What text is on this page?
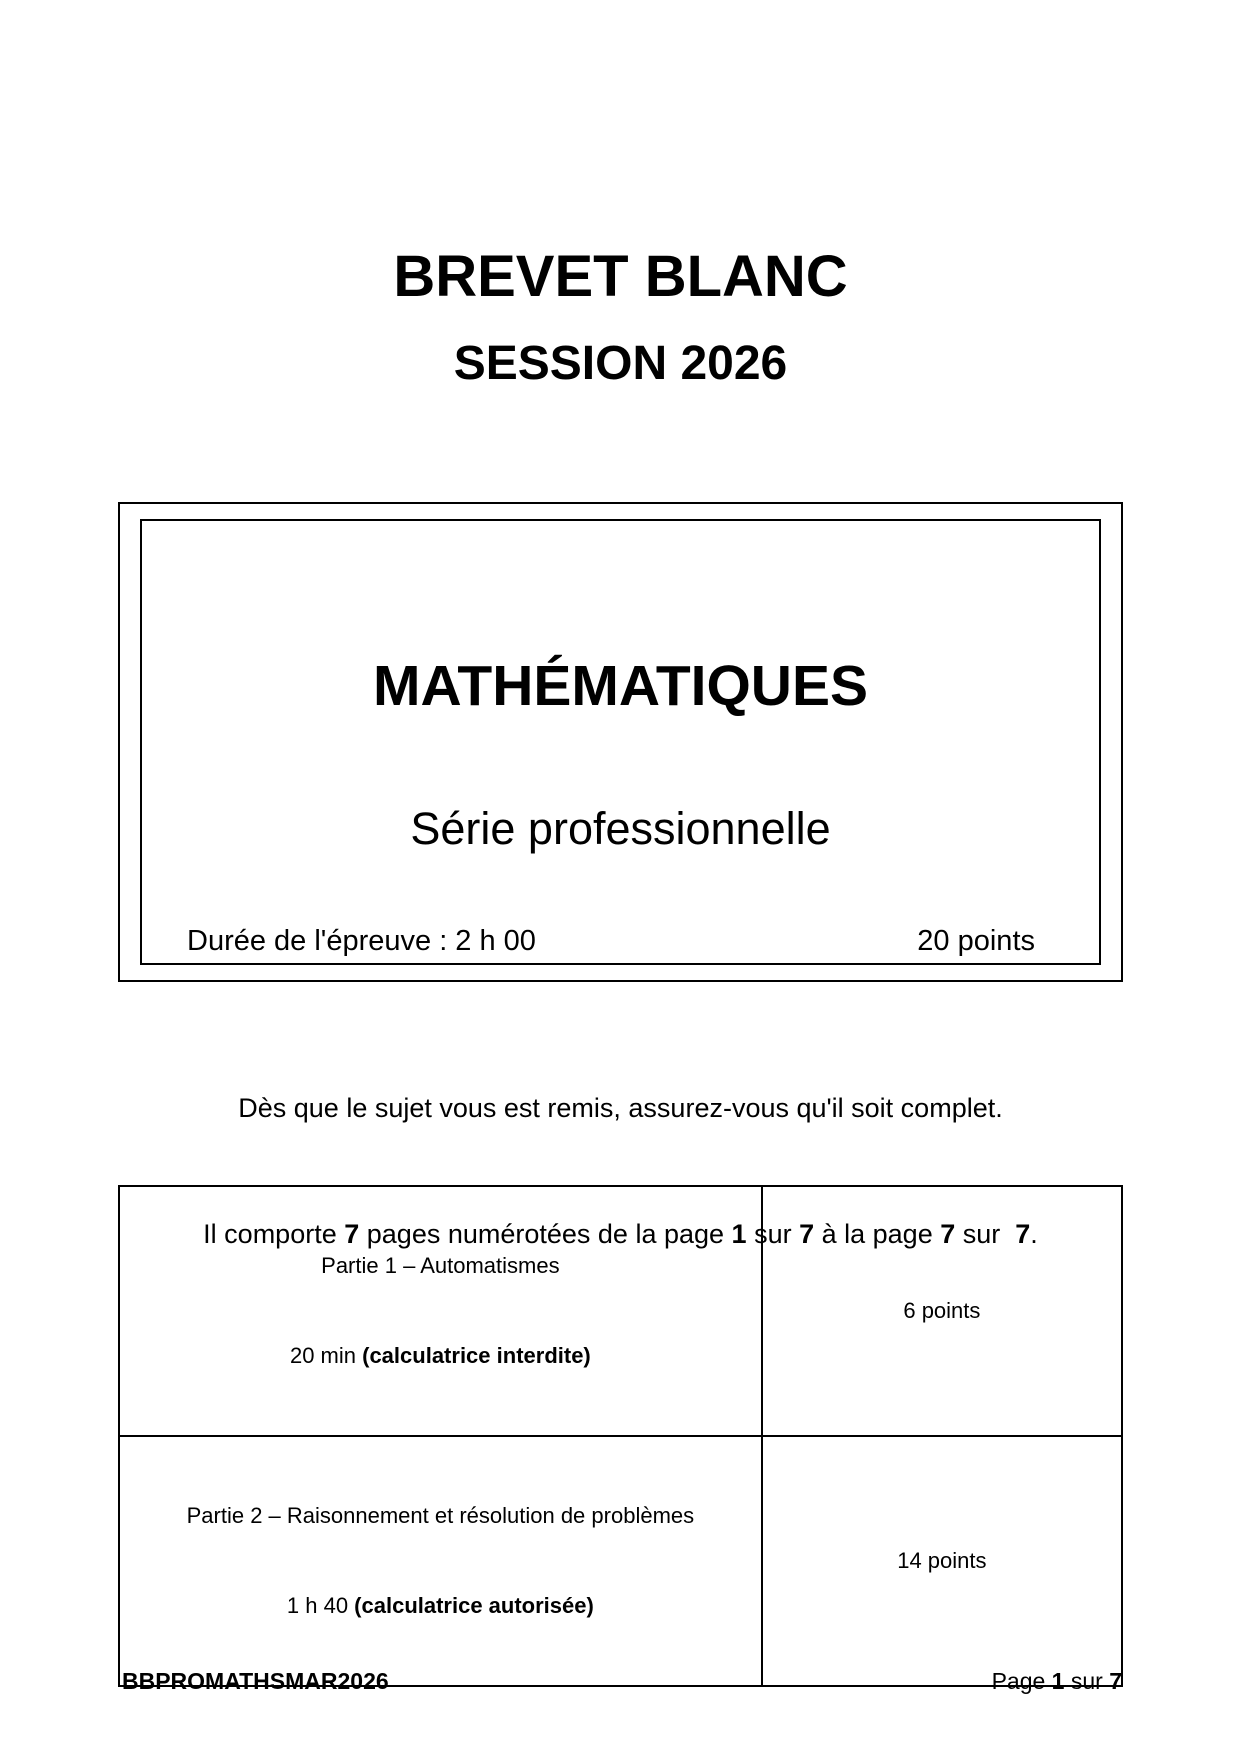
BREVET BLANC
SESSION 2026
MATHÉMATIQUES
Série professionnelle
Durée de l'épreuve : 2 h 00	20 points

Dès que le sujet vous est remis, assurez-vous qu'il soit complet.

Il comporte 7 pages numérotées de la page 1 sur 7 à la page 7 sur  7.

Partie 1 – Automatismes

20 min (calculatrice interdite)	6 points

Partie 2 – Raisonnement et résolution de problèmes

1 h 40 (calculatrice autorisée)	14 points
BBPROMATHSMAR2026	Page 1 sur 7
